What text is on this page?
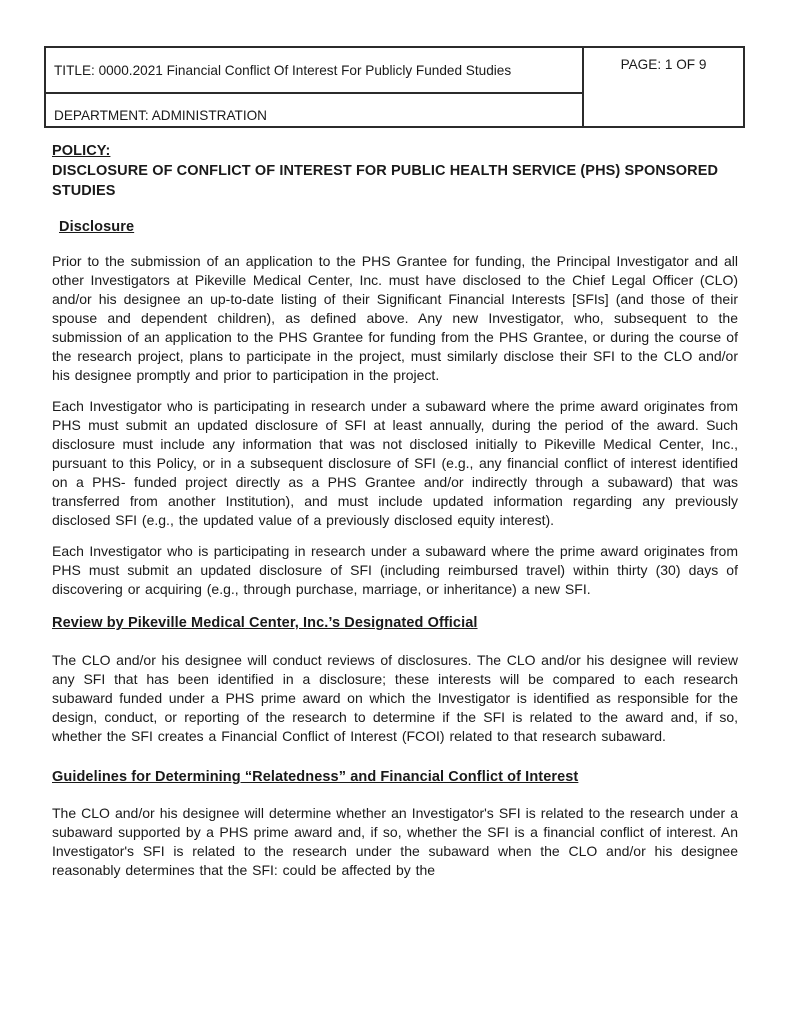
TITLE: 0000.2021 Financial Conflict Of Interest For Publicly Funded Studies
DEPARTMENT: ADMINISTRATION
PAGE: 1 OF 9
POLICY:
DISCLOSURE OF CONFLICT OF INTEREST FOR PUBLIC HEALTH SERVICE (PHS) SPONSORED STUDIES
Disclosure

Prior to the submission of an application to the PHS Grantee for funding, the Principal Investigator and all other Investigators at Pikeville Medical Center, Inc. must have disclosed to the Chief Legal Officer (CLO) and/or his designee an up-to-date listing of their Significant Financial Interests [SFIs] (and those of their spouse and dependent children), as defined above. Any new Investigator, who, subsequent to the submission of an application to the PHS Grantee for funding from the PHS Grantee, or during the course of the research project, plans to participate in the project, must similarly disclose their SFI to the CLO and/or his designee promptly and prior to participation in the project.

Each Investigator who is participating in research under a subaward where the prime award originates from PHS must submit an updated disclosure of SFI at least annually, during the period of the award. Such disclosure must include any information that was not disclosed initially to Pikeville Medical Center, Inc., pursuant to this Policy, or in a subsequent disclosure of SFI (e.g., any financial conflict of interest identified on a PHS- funded project directly as a PHS Grantee and/or indirectly through a subaward) that was transferred from another Institution), and must include updated information regarding any previously disclosed SFI (e.g., the updated value of a previously disclosed equity interest).

Each Investigator who is participating in research under a subaward where the prime award originates from PHS must submit an updated disclosure of SFI (including reimbursed travel) within thirty (30) days of discovering or acquiring (e.g., through purchase, marriage, or inheritance) a new SFI.

Review by Pikeville Medical Center, Inc.’s Designated Official

The CLO and/or his designee will conduct reviews of disclosures. The CLO and/or his designee will review any SFI that has been identified in a disclosure; these interests will be compared to each research subaward funded under a PHS prime award on which the Investigator is identified as responsible for the design, conduct, or reporting of the research to determine if the SFI is related to the award and, if so, whether the SFI creates a Financial Conflict of Interest (FCOI) related to that research subaward.

Guidelines for Determining “Relatedness” and Financial Conflict of Interest

The CLO and/or his designee will determine whether an Investigator's SFI is related to the research under a subaward supported by a PHS prime award and, if so, whether the SFI is a financial conflict of interest. An Investigator's SFI is related to the research under the subaward when the CLO and/or his designee reasonably determines that the SFI: could be affected by the
